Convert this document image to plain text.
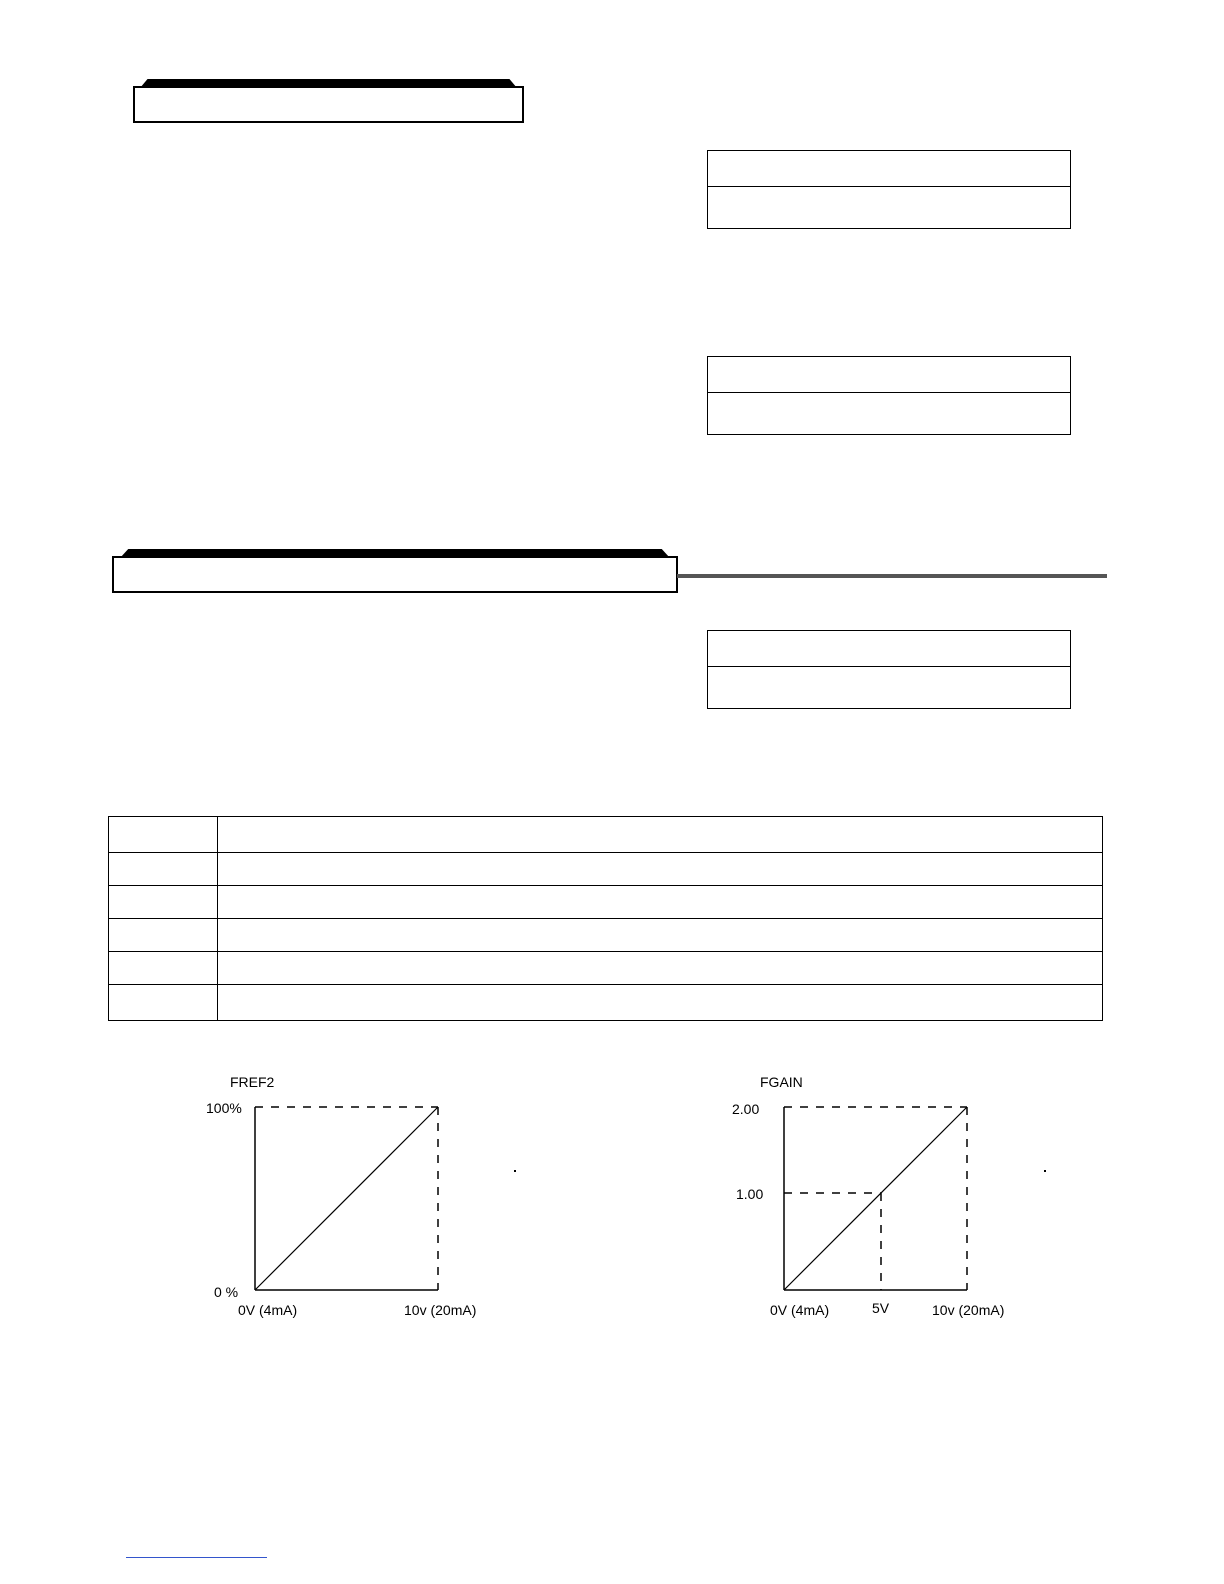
FREF2
100%
0 %
0V (4mA)	10v (20mA)
FGAIN
2.00
1.00
0V (4mA)	5V	10v (20mA)
